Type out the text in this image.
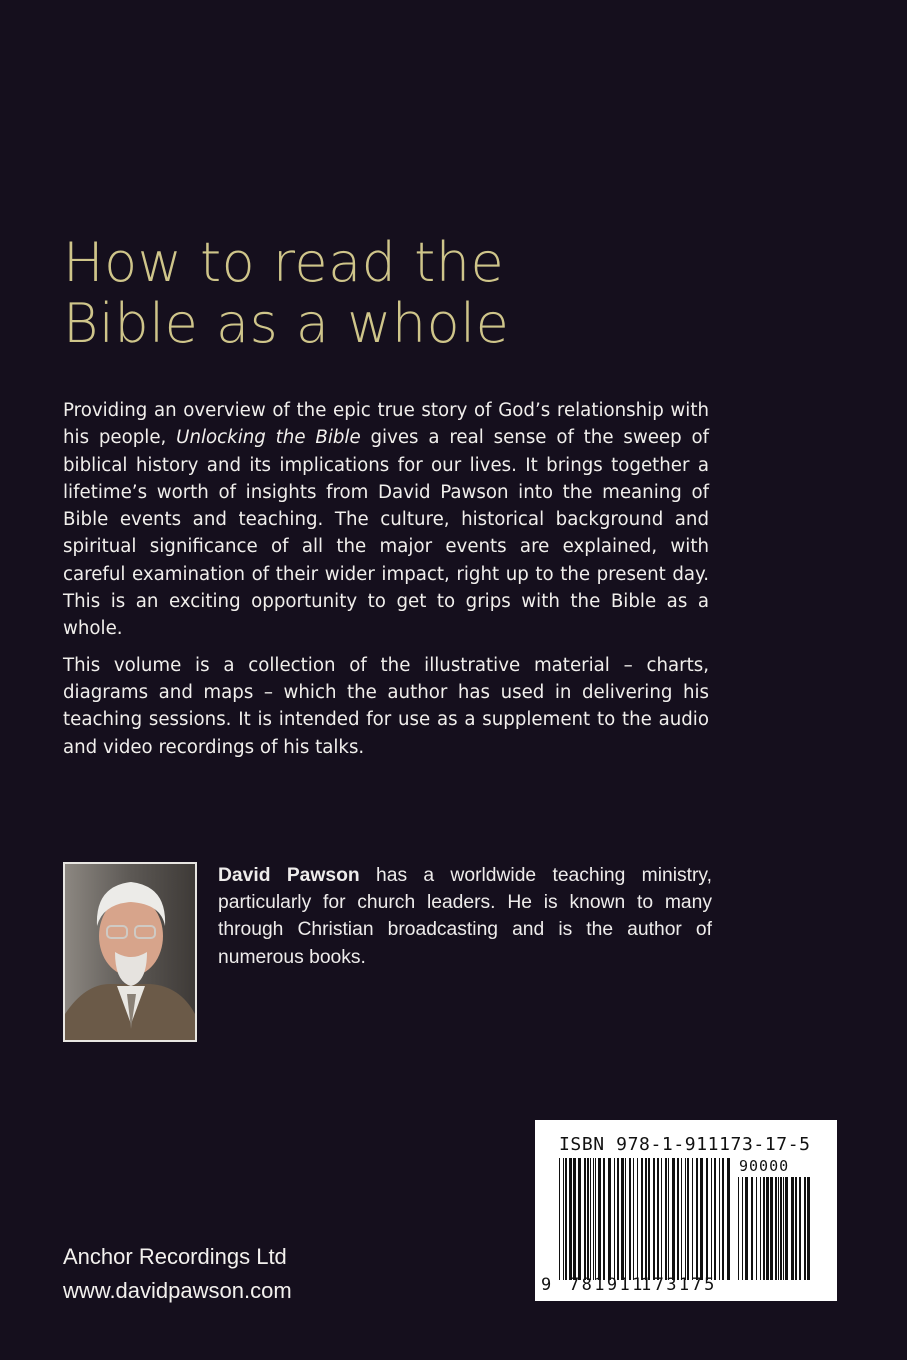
How to read the
Bible as a whole

Providing an overview of the epic true story of God’s relationship with his people, Unlocking the Bible gives a real sense of the sweep of biblical history and its implications for our lives. It brings together a lifetime’s worth of insights from David Pawson into the meaning of Bible events and teaching. The culture, historical background and spiritual significance of all the major events are explained, with careful examination of their wider impact, right up to the present day. This is an exciting opportunity to get to grips with the Bible as a whole.

This volume is a collection of the illustrative material – charts, diagrams and maps – which the author has used in delivering his teaching sessions. It is intended for use as a supplement to the audio and video recordings of his talks.

David Pawson has a worldwide teaching ministry, particularly for church leaders. He is known to many through Christian broadcasting and is the author of numerous books.

Anchor Recordings Ltd
www.davidpawson.com
ISBN 978-1-911173-17-5
90000
9 781911
173175
